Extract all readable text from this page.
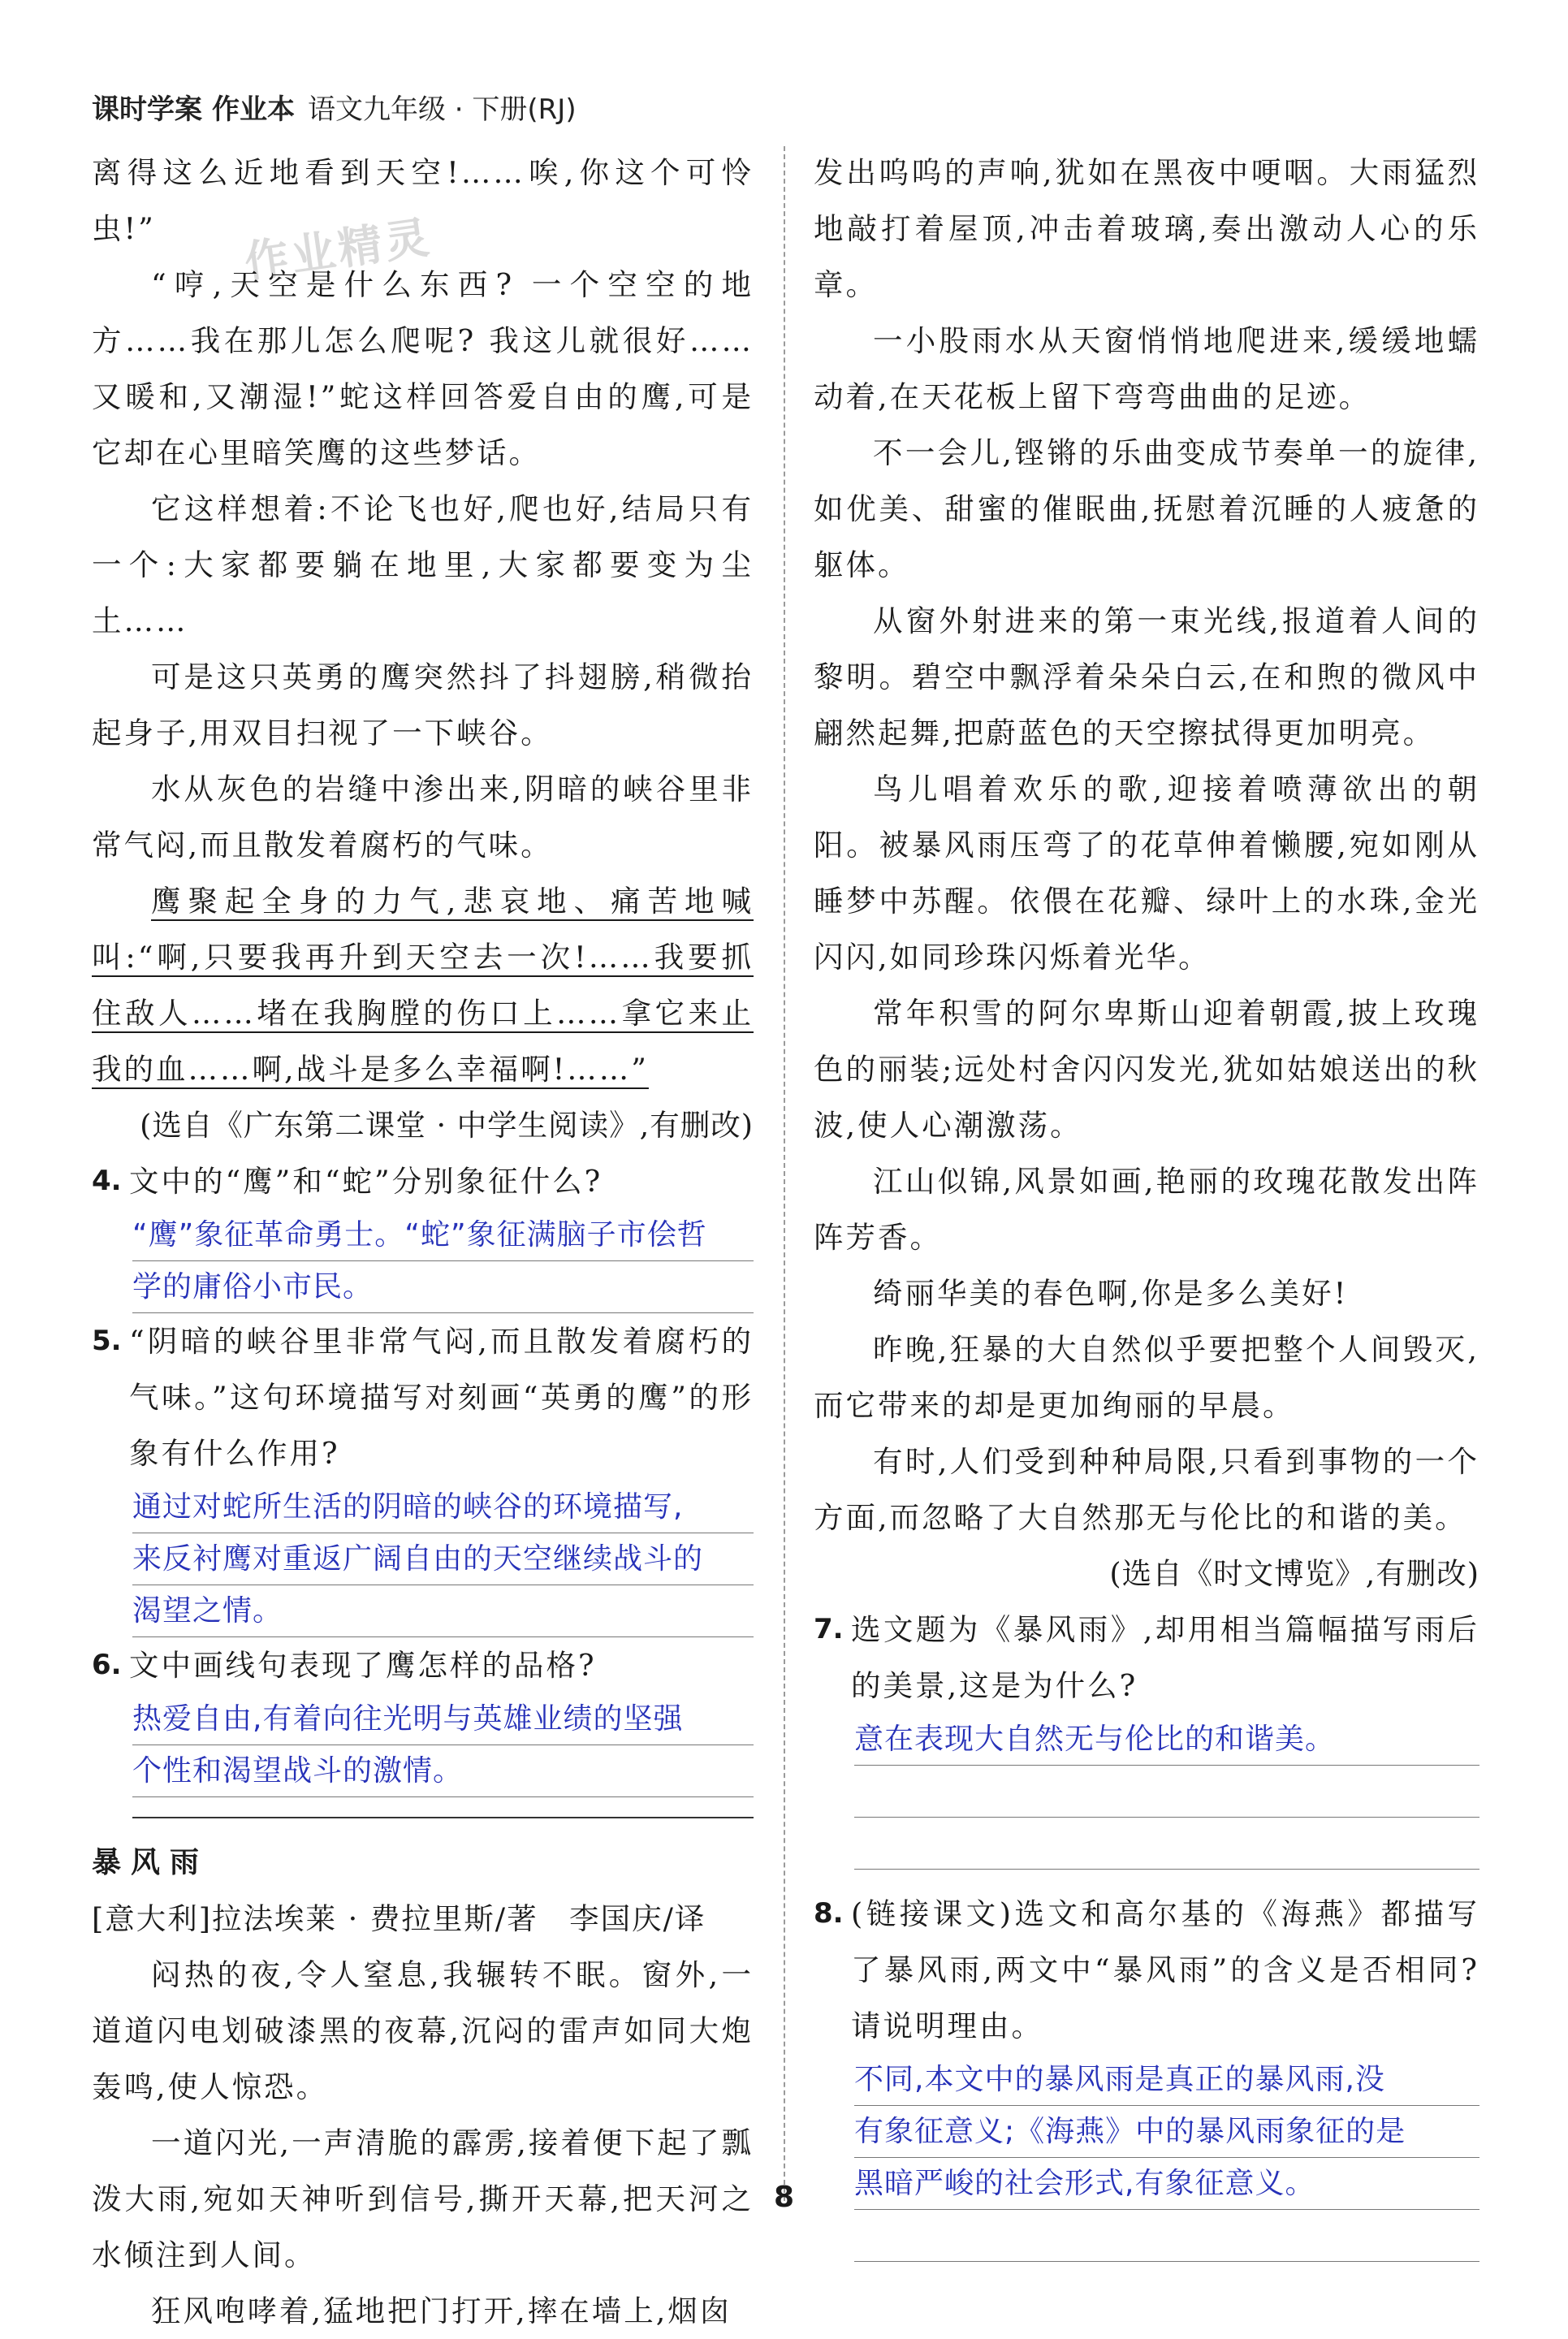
课时学案 作业本 语文九年级 · 下册(RJ)
作业精灵

离得这么近地看到天空!……唉,你这个可怜虫!”

“哼,天空是什么东西? 一个空空的地方……我在那儿怎么爬呢? 我这儿就很好……又暖和,又潮湿!”蛇这样回答爱自由的鹰,可是它却在心里暗笑鹰的这些梦话。

它这样想着:不论飞也好,爬也好,结局只有一个:大家都要躺在地里,大家都要变为尘土……

可是这只英勇的鹰突然抖了抖翅膀,稍微抬起身子,用双目扫视了一下峡谷。

水从灰色的岩缝中渗出来,阴暗的峡谷里非常气闷,而且散发着腐朽的气味。

鹰聚起全身的力气,悲哀地、痛苦地喊叫:“啊,只要我再升到天空去一次!……我要抓住敌人……堵在我胸膛的伤口上……拿它来止我的血……啊,战斗是多么幸福啊!……”

(选自《广东第二课堂 · 中学生阅读》,有删改)

4. 文中的“鹰”和“蛇”分别象征什么?
“鹰”象征革命勇士。“蛇”象征满脑子市侩哲
学的庸俗小市民。
5. “阴暗的峡谷里非常气闷,而且散发着腐朽的气味。”这句环境描写对刻画“英勇的鹰”的形象有什么作用?
通过对蛇所生活的阴暗的峡谷的环境描写,
来反衬鹰对重返广阔自由的天空继续战斗的
渴望之情。
6. 文中画线句表现了鹰怎样的品格?
热爱自由,有着向往光明与英雄业绩的坚强
个性和渴望战斗的激情。

暴风雨

[意大利]拉法埃莱 · 费拉里斯/著　李国庆/译

闷热的夜,令人窒息,我辗转不眠。窗外,一道道闪电划破漆黑的夜幕,沉闷的雷声如同大炮轰鸣,使人惊恐。

一道闪光,一声清脆的霹雳,接着便下起了瓢泼大雨,宛如天神听到信号,撕开天幕,把天河之水倾注到人间。

狂风咆哮着,猛地把门打开,摔在墙上,烟囱

发出呜呜的声响,犹如在黑夜中哽咽。大雨猛烈地敲打着屋顶,冲击着玻璃,奏出激动人心的乐章。

一小股雨水从天窗悄悄地爬进来,缓缓地蠕动着,在天花板上留下弯弯曲曲的足迹。

不一会儿,铿锵的乐曲变成节奏单一的旋律,如优美、甜蜜的催眠曲,抚慰着沉睡的人疲惫的躯体。

从窗外射进来的第一束光线,报道着人间的黎明。碧空中飘浮着朵朵白云,在和煦的微风中翩然起舞,把蔚蓝色的天空擦拭得更加明亮。

鸟儿唱着欢乐的歌,迎接着喷薄欲出的朝阳。被暴风雨压弯了的花草伸着懒腰,宛如刚从睡梦中苏醒。依偎在花瓣、绿叶上的水珠,金光闪闪,如同珍珠闪烁着光华。

常年积雪的阿尔卑斯山迎着朝霞,披上玫瑰色的丽装;远处村舍闪闪发光,犹如姑娘送出的秋波,使人心潮激荡。

江山似锦,风景如画,艳丽的玫瑰花散发出阵阵芳香。

绮丽华美的春色啊,你是多么美好!

昨晚,狂暴的大自然似乎要把整个人间毁灭,而它带来的却是更加绚丽的早晨。

有时,人们受到种种局限,只看到事物的一个方面,而忽略了大自然那无与伦比的和谐的美。

(选自《时文博览》,有删改)

7. 选文题为《暴风雨》,却用相当篇幅描写雨后的美景,这是为什么?
意在表现大自然无与伦比的和谐美。
8. (链接课文)选文和高尔基的《海燕》都描写了暴风雨,两文中“暴风雨”的含义是否相同?请说明理由。
不同,本文中的暴风雨是真正的暴风雨,没
有象征意义;《海燕》中的暴风雨象征的是
黑暗严峻的社会形式,有象征意义。
8
